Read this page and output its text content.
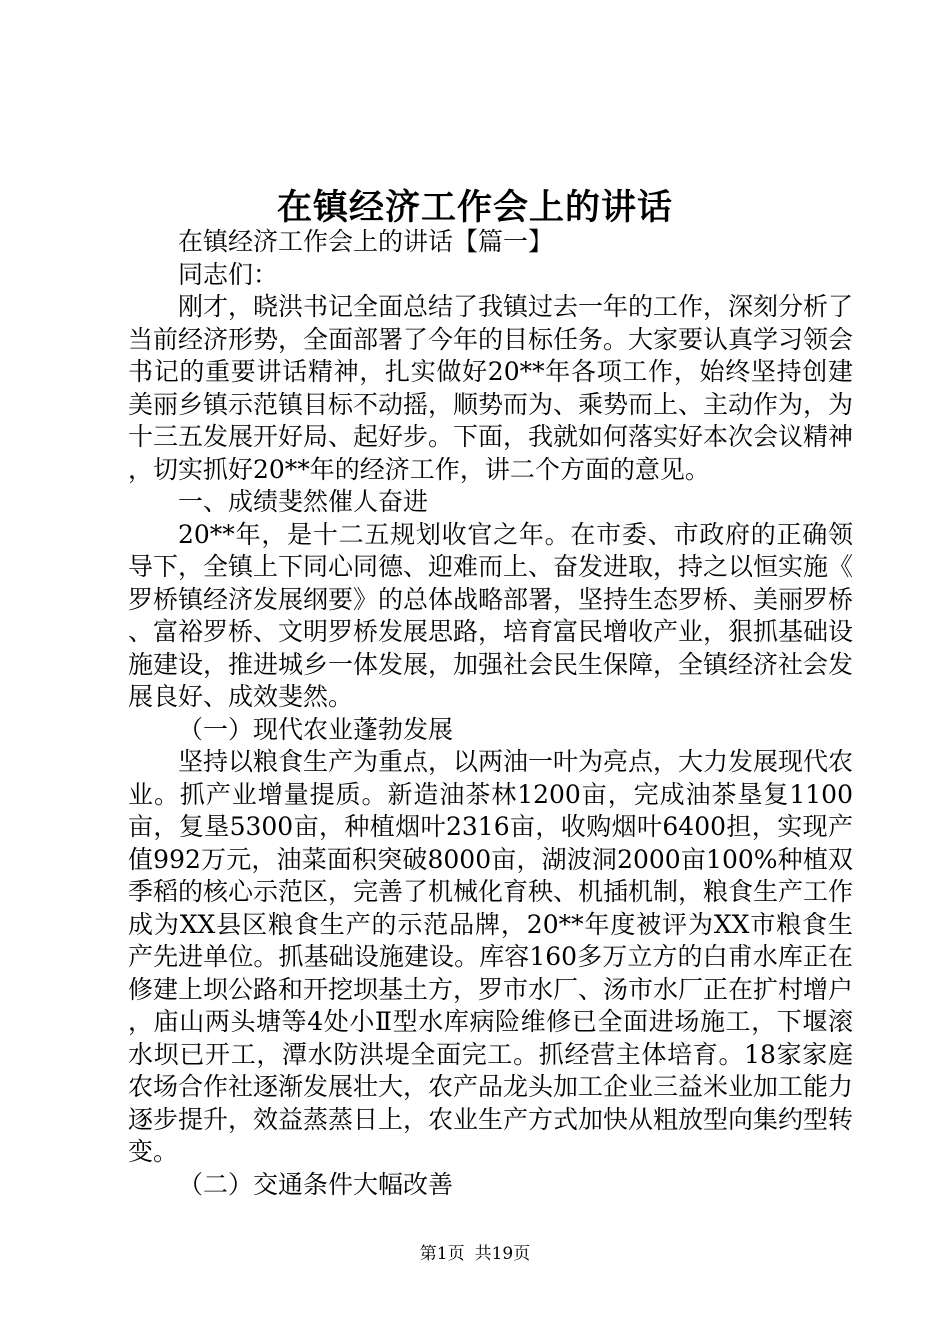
在镇经济工作会上的讲话

在镇经济工作会上的讲话【篇一】

同志们：

刚才，晓洪书记全面总结了我镇过去一年的工作，深刻分析了当前经济形势，全面部署了今年的目标任务。大家要认真学习领会书记的重要讲话精神，扎实做好20**年各项工作，始终坚持创建美丽乡镇示范镇目标不动摇，顺势而为、乘势而上、主动作为，为十三五发展开好局、起好步。下面，我就如何落实好本次会议精神，切实抓好20**年的经济工作，讲二个方面的意见。

一、成绩斐然催人奋进

20**年，是十二五规划收官之年。在市委、市政府的正确领导下，全镇上下同心同德、迎难而上、奋发进取，持之以恒实施《罗桥镇经济发展纲要》的总体战略部署，坚持生态罗桥、美丽罗桥、富裕罗桥、文明罗桥发展思路，培育富民增收产业，狠抓基础设施建设，推进城乡一体发展，加强社会民生保障，全镇经济社会发展良好、成效斐然。

（一）现代农业蓬勃发展

坚持以粮食生产为重点，以两油一叶为亮点，大力发展现代农业。抓产业增量提质。新造油茶林1200亩，完成油茶垦复1100亩，复垦5300亩，种植烟叶2316亩，收购烟叶6400担，实现产值992万元，油菜面积突破8000亩，湖波洞2000亩100%种植双季稻的核心示范区，完善了机械化育秧、机插机制，粮食生产工作成为XX县区粮食生产的示范品牌，20**年度被评为XX市粮食生产先进单位。抓基础设施建设。库容160多万立方的白甫水库正在修建上坝公路和开挖坝基土方，罗市水厂、汤市水厂正在扩村增户，庙山两头塘等4处小Ⅱ型水库病险维修已全面进场施工，下堰滚水坝已开工，潭水防洪堤全面完工。抓经营主体培育。18家家庭农场合作社逐渐发展壮大，农产品龙头加工企业三益米业加工能力逐步提升，效益蒸蒸日上，农业生产方式加快从粗放型向集约型转变。

（二）交通条件大幅改善

第1页 共19页
